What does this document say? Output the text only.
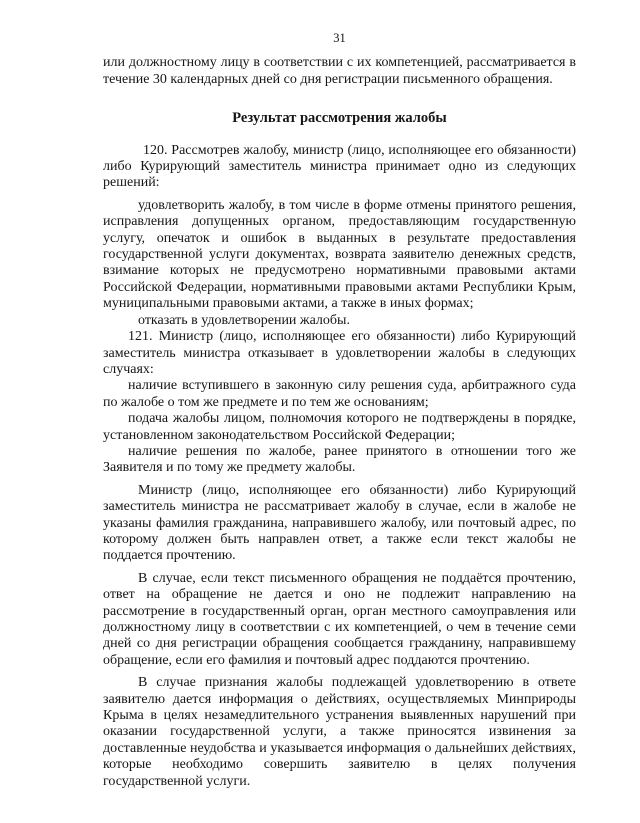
31

или должностному лицу в соответствии с их компетенцией, рассматривается в течение 30 календарных дней со дня регистрации письменного обращения.

Результат рассмотрения жалобы

120. Рассмотрев жалобу, министр (лицо, исполняющее его обязанности) либо Курирующий заместитель министра принимает одно из следующих решений:

удовлетворить жалобу, в том числе в форме отмены принятого решения, исправления допущенных органом, предоставляющим государственную услугу, опечаток и ошибок в выданных в результате предоставления государственной услуги документах, возврата заявителю денежных средств, взимание которых не предусмотрено нормативными правовыми актами Российской Федерации, нормативными правовыми актами Республики Крым, муниципальными правовыми актами, а также в иных формах;

отказать в удовлетворении жалобы.

121. Министр (лицо, исполняющее его обязанности) либо Курирующий заместитель министра отказывает в удовлетворении жалобы в следующих случаях:

наличие вступившего в законную силу решения суда, арбитражного суда по жалобе о том же предмете и по тем же основаниям;

подача жалобы лицом, полномочия которого не подтверждены в порядке, установленном законодательством Российской Федерации;

наличие решения по жалобе, ранее принятого в отношении того же Заявителя и по тому же предмету жалобы.

Министр (лицо, исполняющее его обязанности) либо Курирующий заместитель министра не рассматривает жалобу в случае, если в жалобе не указаны фамилия гражданина, направившего жалобу, или почтовый адрес, по которому должен быть направлен ответ, а также если текст жалобы не поддается прочтению.

В случае, если текст письменного обращения не поддаётся прочтению, ответ на обращение не дается и оно не подлежит направлению на рассмотрение в государственный орган, орган местного самоуправления или должностному лицу в соответствии с их компетенцией, о чем в течение семи дней со дня регистрации обращения сообщается гражданину, направившему обращение, если его фамилия и почтовый адрес поддаются прочтению.

В случае признания жалобы подлежащей удовлетворению в ответе заявителю дается информация о действиях, осуществляемых Минприроды Крыма в целях незамедлительного устранения выявленных нарушений при оказании государственной услуги, а также приносятся извинения за доставленные неудобства и указывается информация о дальнейших действиях, которые необходимо совершить заявителю в целях получения государственной услуги.
